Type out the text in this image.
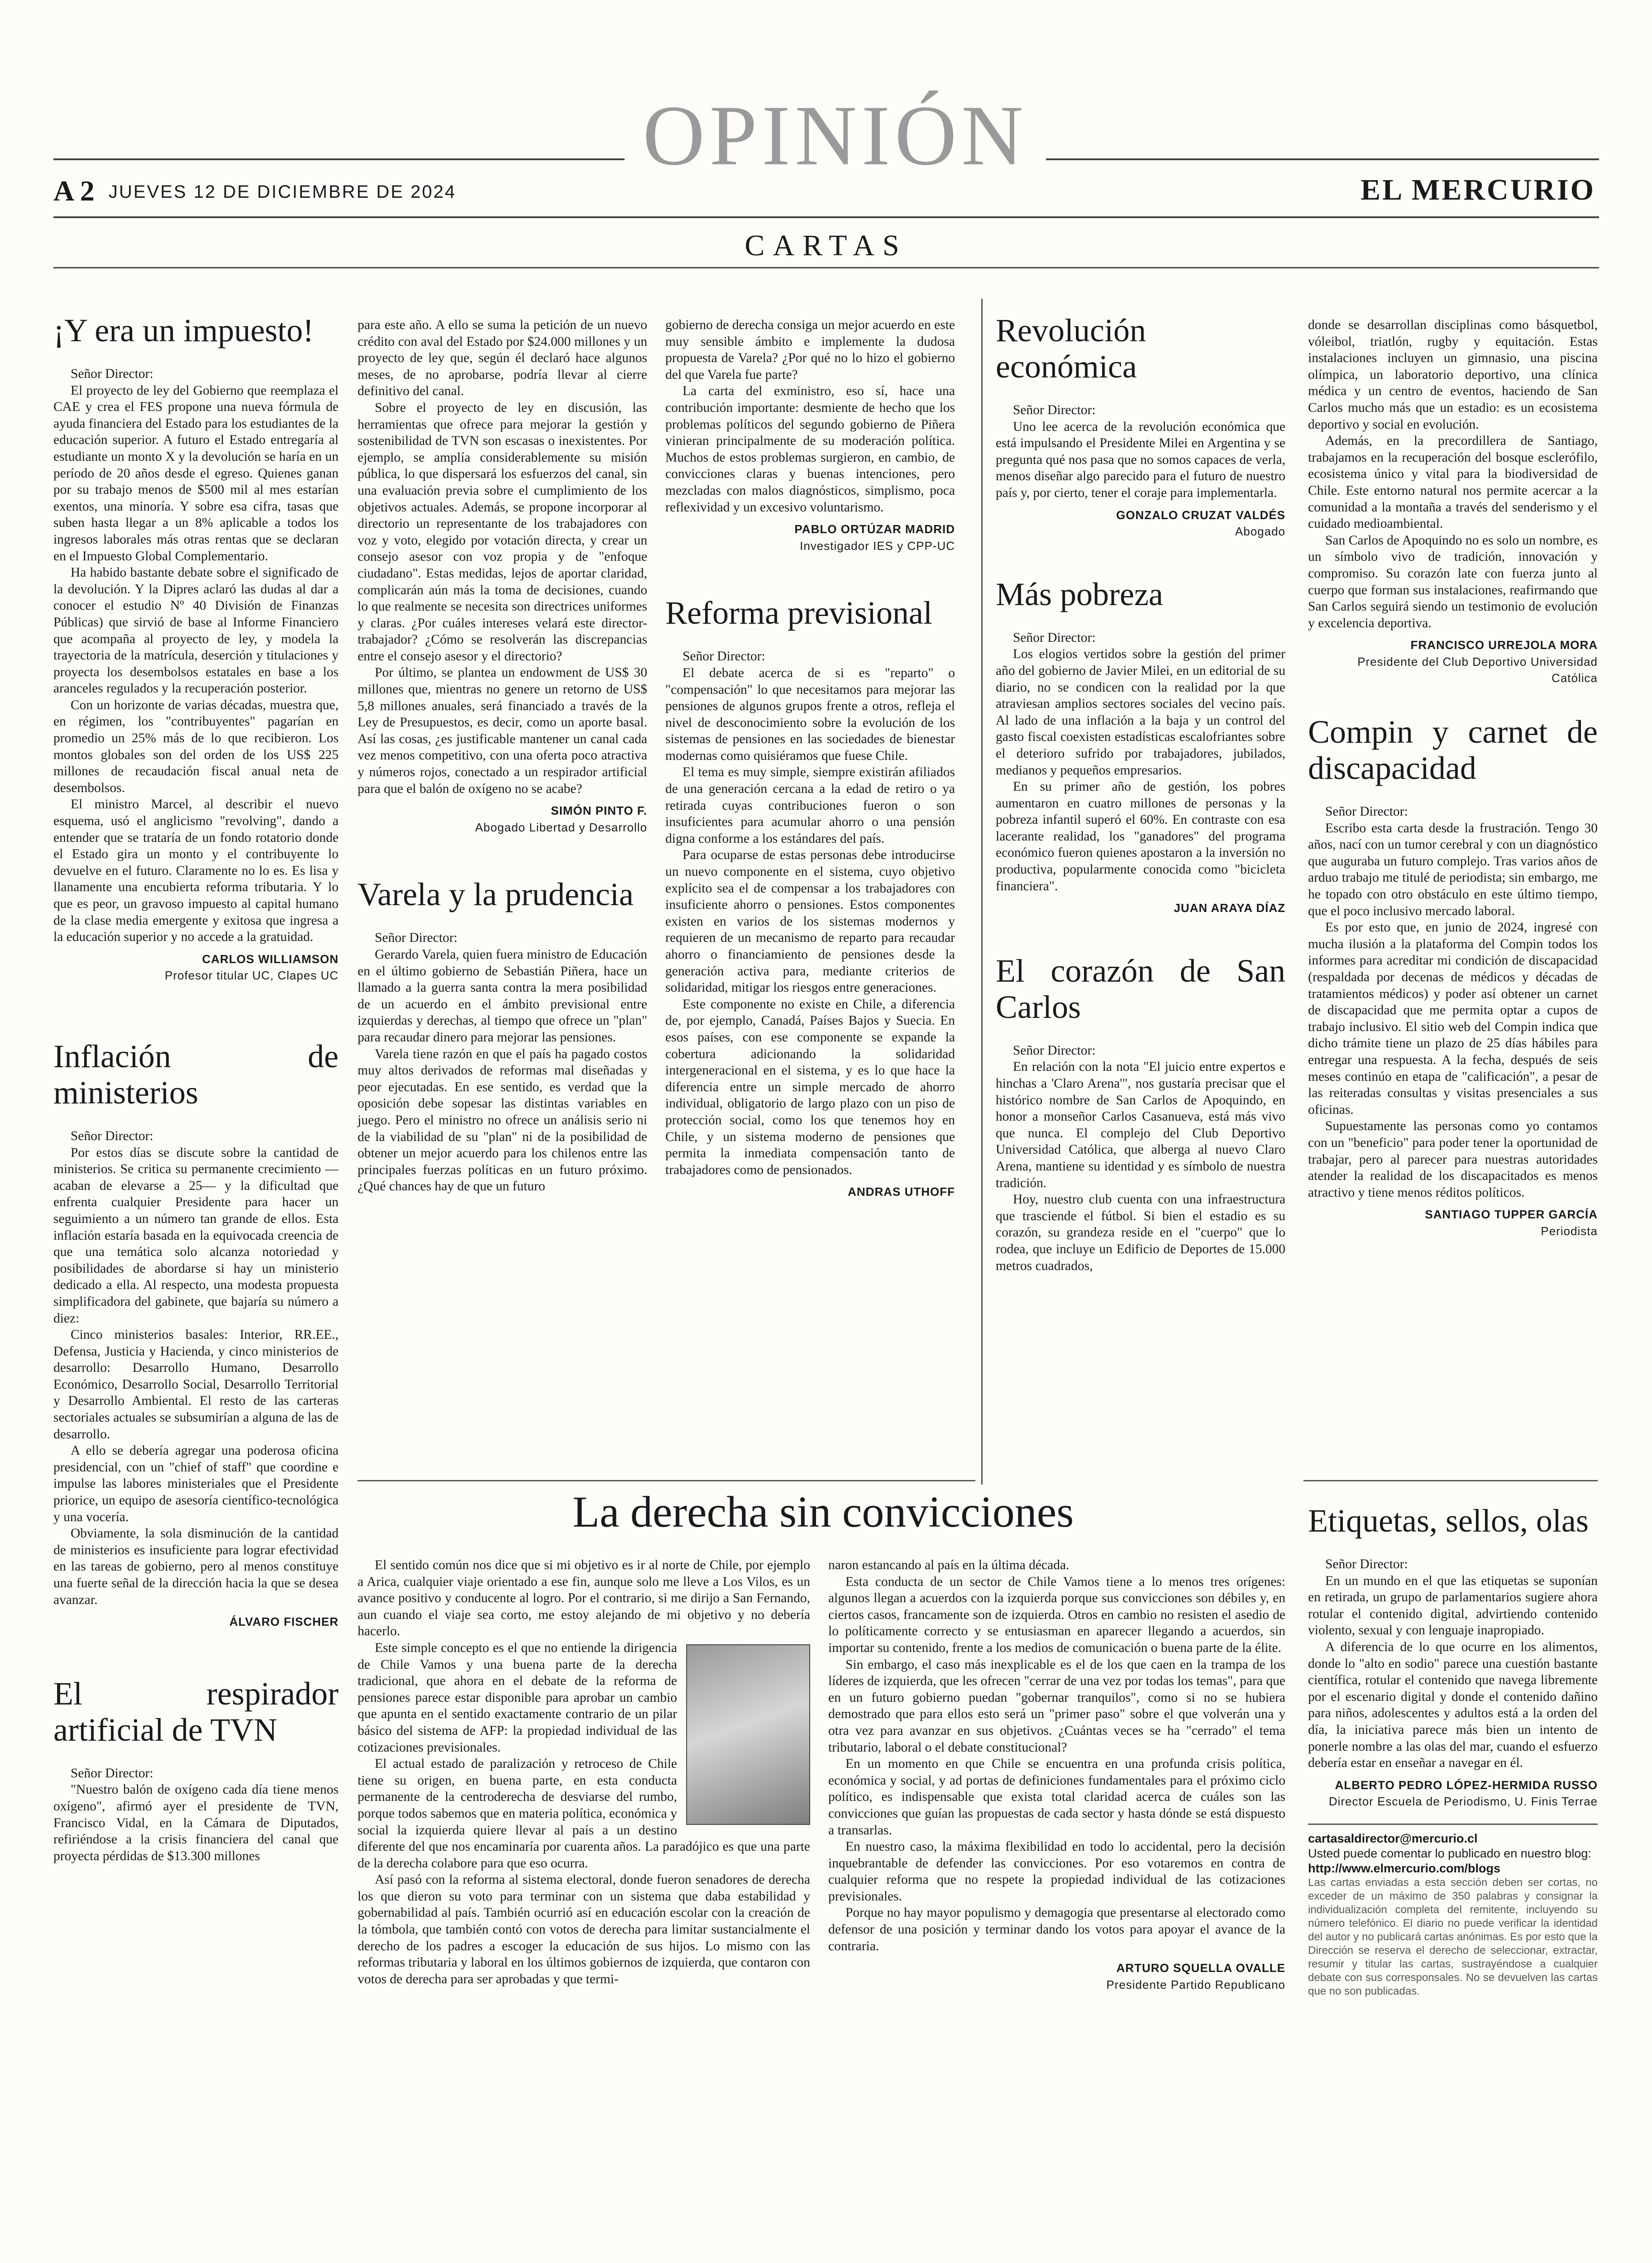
OPINIÓN
A 2 JUEVES 12 DE DICIEMBRE DE 2024	EL MERCURIO
CARTAS
¡Y era un impuesto!

Señor Director:

El proyecto de ley del Gobierno que reemplaza el CAE y crea el FES propone una nueva fórmula de ayuda financiera del Estado para los estudiantes de la educación superior. A futuro el Estado entregaría al estudiante un monto X y la devolución se haría en un período de 20 años desde el egreso. Quienes ganan por su trabajo menos de $500 mil al mes estarían exentos, una minoría. Y sobre esa cifra, tasas que suben hasta llegar a un 8% aplicable a todos los ingresos laborales más otras rentas que se declaran en el Impuesto Global Complementario.

Ha habido bastante debate sobre el significado de la devolución. Y la Dipres aclaró las dudas al dar a conocer el estudio Nº 40 División de Finanzas Públicas) que sirvió de base al Informe Financiero que acompaña al proyecto de ley, y modela la trayectoria de la matrícula, deserción y titulaciones y proyecta los desembolsos estatales en base a los aranceles regulados y la recuperación posterior.

Con un horizonte de varias décadas, muestra que, en régimen, los "contribuyentes" pagarían en promedio un 25% más de lo que recibieron. Los montos globales son del orden de los US$ 225 millones de recaudación fiscal anual neta de desembolsos.

El ministro Marcel, al describir el nuevo esquema, usó el anglicismo "revolving", dando a entender que se trataría de un fondo rotatorio donde el Estado gira un monto y el contribuyente lo devuelve en el futuro. Claramente no lo es. Es lisa y llanamente una encubierta reforma tributaria. Y lo que es peor, un gravoso impuesto al capital humano de la clase media emergente y exitosa que ingresa a la educación superior y no accede a la gratuidad.

CARLOS WILLIAMSON
Profesor titular UC, Clapes UC
Inflación de ministerios

Señor Director:

Por estos días se discute sobre la cantidad de ministerios. Se critica su permanente crecimiento —acaban de elevarse a 25— y la dificultad que enfrenta cualquier Presidente para hacer un seguimiento a un número tan grande de ellos. Esta inflación estaría basada en la equivocada creencia de que una temática solo alcanza notoriedad y posibilidades de abordarse si hay un ministerio dedicado a ella. Al respecto, una modesta propuesta simplificadora del gabinete, que bajaría su número a diez:

Cinco ministerios basales: Interior, RR.EE., Defensa, Justicia y Hacienda, y cinco ministerios de desarrollo: Desarrollo Humano, Desarrollo Económico, Desarrollo Social, Desarrollo Territorial y Desarrollo Ambiental. El resto de las carteras sectoriales actuales se subsumirían a alguna de las de desarrollo.

A ello se debería agregar una poderosa oficina presidencial, con un "chief of staff" que coordine e impulse las labores ministeriales que el Presidente priorice, un equipo de asesoría científico-tecnológica y una vocería.

Obviamente, la sola disminución de la cantidad de ministerios es insuficiente para lograr efectividad en las tareas de gobierno, pero al menos constituye una fuerte señal de la dirección hacia la que se desea avanzar.

ÁLVARO FISCHER
El respirador artificial de TVN

Señor Director:

"Nuestro balón de oxígeno cada día tiene menos oxígeno", afirmó ayer el presidente de TVN, Francisco Vidal, en la Cámara de Diputados, refiriéndose a la crisis financiera del canal que proyecta pérdidas de $13.300 millones

para este año. A ello se suma la petición de un nuevo crédito con aval del Estado por $24.000 millones y un proyecto de ley que, según él declaró hace algunos meses, de no aprobarse, podría llevar al cierre definitivo del canal.

Sobre el proyecto de ley en discusión, las herramientas que ofrece para mejorar la gestión y sostenibilidad de TVN son escasas o inexistentes. Por ejemplo, se amplía considerablemente su misión pública, lo que dispersará los esfuerzos del canal, sin una evaluación previa sobre el cumplimiento de los objetivos actuales. Además, se propone incorporar al directorio un representante de los trabajadores con voz y voto, elegido por votación directa, y crear un consejo asesor con voz propia y de "enfoque ciudadano". Estas medidas, lejos de aportar claridad, complicarán aún más la toma de decisiones, cuando lo que realmente se necesita son directrices uniformes y claras. ¿Por cuáles intereses velará este director-trabajador? ¿Cómo se resolverán las discrepancias entre el consejo asesor y el directorio?

Por último, se plantea un endowment de US$ 30 millones que, mientras no genere un retorno de US$ 5,8 millones anuales, será financiado a través de la Ley de Presupuestos, es decir, como un aporte basal. Así las cosas, ¿es justificable mantener un canal cada vez menos competitivo, con una oferta poco atractiva y números rojos, conectado a un respirador artificial para que el balón de oxígeno no se acabe?

SIMÓN PINTO F.
Abogado Libertad y Desarrollo
Varela y la prudencia

Señor Director:

Gerardo Varela, quien fuera ministro de Educación en el último gobierno de Sebastián Piñera, hace un llamado a la guerra santa contra la mera posibilidad de un acuerdo en el ámbito previsional entre izquierdas y derechas, al tiempo que ofrece un "plan" para recaudar dinero para mejorar las pensiones.

Varela tiene razón en que el país ha pagado costos muy altos derivados de reformas mal diseñadas y peor ejecutadas. En ese sentido, es verdad que la oposición debe sopesar las distintas variables en juego. Pero el ministro no ofrece un análisis serio ni de la viabilidad de su "plan" ni de la posibilidad de obtener un mejor acuerdo para los chilenos entre las principales fuerzas políticas en un futuro próximo. ¿Qué chances hay de que un futuro

gobierno de derecha consiga un mejor acuerdo en este muy sensible ámbito e implemente la dudosa propuesta de Varela? ¿Por qué no lo hizo el gobierno del que Varela fue parte?

La carta del exministro, eso sí, hace una contribución importante: desmiente de hecho que los problemas políticos del segundo gobierno de Piñera vinieran principalmente de su moderación política. Muchos de estos problemas surgieron, en cambio, de convicciones claras y buenas intenciones, pero mezcladas con malos diagnósticos, simplismo, poca reflexividad y un excesivo voluntarismo.

PABLO ORTÚZAR MADRID
Investigador IES y CPP-UC
Reforma previsional

Señor Director:

El debate acerca de si es "reparto" o "compensación" lo que necesitamos para mejorar las pensiones de algunos grupos frente a otros, refleja el nivel de desconocimiento sobre la evolución de los sistemas de pensiones en las sociedades de bienestar modernas como quisiéramos que fuese Chile.

El tema es muy simple, siempre existirán afiliados de una generación cercana a la edad de retiro o ya retirada cuyas contribuciones fueron o son insuficientes para acumular ahorro o una pensión digna conforme a los estándares del país.

Para ocuparse de estas personas debe introducirse un nuevo componente en el sistema, cuyo objetivo explícito sea el de compensar a los trabajadores con insuficiente ahorro o pensiones. Estos componentes existen en varios de los sistemas modernos y requieren de un mecanismo de reparto para recaudar ahorro o financiamiento de pensiones desde la generación activa para, mediante criterios de solidaridad, mitigar los riesgos entre generaciones.

Este componente no existe en Chile, a diferencia de, por ejemplo, Canadá, Países Bajos y Suecia. En esos países, con ese componente se expande la cobertura adicionando la solidaridad intergeneracional en el sistema, y es lo que hace la diferencia entre un simple mercado de ahorro individual, obligatorio de largo plazo con un piso de protección social, como los que tenemos hoy en Chile, y un sistema moderno de pensiones que permita la inmediata compensación tanto de trabajadores como de pensionados.

ANDRAS UTHOFF
Revolución económica

Señor Director:

Uno lee acerca de la revolución económica que está impulsando el Presidente Milei en Argentina y se pregunta qué nos pasa que no somos capaces de verla, menos diseñar algo parecido para el futuro de nuestro país y, por cierto, tener el coraje para implementarla.

GONZALO CRUZAT VALDÉS
Abogado
Más pobreza

Señor Director:

Los elogios vertidos sobre la gestión del primer año del gobierno de Javier Milei, en un editorial de su diario, no se condicen con la realidad por la que atraviesan amplios sectores sociales del vecino país. Al lado de una inflación a la baja y un control del gasto fiscal coexisten estadísticas escalofriantes sobre el deterioro sufrido por trabajadores, jubilados, medianos y pequeños empresarios.

En su primer año de gestión, los pobres aumentaron en cuatro millones de personas y la pobreza infantil superó el 60%. En contraste con esa lacerante realidad, los "ganadores" del programa económico fueron quienes apostaron a la inversión no productiva, popularmente conocida como "bicicleta financiera".

JUAN ARAYA DÍAZ
El corazón de San Carlos

Señor Director:

En relación con la nota "El juicio entre expertos e hinchas a 'Claro Arena'", nos gustaría precisar que el histórico nombre de San Carlos de Apoquindo, en honor a monseñor Carlos Casanueva, está más vivo que nunca. El complejo del Club Deportivo Universidad Católica, que alberga al nuevo Claro Arena, mantiene su identidad y es símbolo de nuestra tradición.

Hoy, nuestro club cuenta con una infraestructura que trasciende el fútbol. Si bien el estadio es su corazón, su grandeza reside en el "cuerpo" que lo rodea, que incluye un Edificio de Deportes de 15.000 metros cuadrados,

donde se desarrollan disciplinas como básquetbol, vóleibol, triatlón, rugby y equitación. Estas instalaciones incluyen un gimnasio, una piscina olímpica, un laboratorio deportivo, una clínica médica y un centro de eventos, haciendo de San Carlos mucho más que un estadio: es un ecosistema deportivo y social en evolución.

Además, en la precordillera de Santiago, trabajamos en la recuperación del bosque esclerófilo, ecosistema único y vital para la biodiversidad de Chile. Este entorno natural nos permite acercar a la comunidad a la montaña a través del senderismo y el cuidado medioambiental.

San Carlos de Apoquindo no es solo un nombre, es un símbolo vivo de tradición, innovación y compromiso. Su corazón late con fuerza junto al cuerpo que forman sus instalaciones, reafirmando que San Carlos seguirá siendo un testimonio de evolución y excelencia deportiva.

FRANCISCO URREJOLA MORA
Presidente del Club Deportivo Universidad Católica
Compin y carnet de discapacidad

Señor Director:

Escribo esta carta desde la frustración. Tengo 30 años, nací con un tumor cerebral y con un diagnóstico que auguraba un futuro complejo. Tras varios años de arduo trabajo me titulé de periodista; sin embargo, me he topado con otro obstáculo en este último tiempo, que el poco inclusivo mercado laboral.

Es por esto que, en junio de 2024, ingresé con mucha ilusión a la plataforma del Compin todos los informes para acreditar mi condición de discapacidad (respaldada por decenas de médicos y décadas de tratamientos médicos) y poder así obtener un carnet de discapacidad que me permita optar a cupos de trabajo inclusivo. El sitio web del Compin indica que dicho trámite tiene un plazo de 25 días hábiles para entregar una respuesta. A la fecha, después de seis meses continúo en etapa de "calificación", a pesar de las reiteradas consultas y visitas presenciales a sus oficinas.

Supuestamente las personas como yo contamos con un "beneficio" para poder tener la oportunidad de trabajar, pero al parecer para nuestras autoridades atender la realidad de los discapacitados es menos atractivo y tiene menos réditos políticos.

SANTIAGO TUPPER GARCÍA
Periodista
La derecha sin convicciones

El sentido común nos dice que si mi objetivo es ir al norte de Chile, por ejemplo a Arica, cualquier viaje orientado a ese fin, aunque solo me lleve a Los Vilos, es un avance positivo y conducente al logro. Por el contrario, si me dirijo a San Fernando, aun cuando el viaje sea corto, me estoy alejando de mi objetivo y no debería hacerlo.

Este simple concepto es el que no entiende la dirigencia de Chile Vamos y una buena parte de la derecha tradicional, que ahora en el debate de la reforma de pensiones parece estar disponible para aprobar un cambio que apunta en el sentido exactamente contrario de un pilar básico del sistema de AFP: la propiedad individual de las cotizaciones previsionales.

El actual estado de paralización y retroceso de Chile tiene su origen, en buena parte, en esta conducta permanente de la centroderecha de desviarse del rumbo, porque todos sabemos que en materia política, económica y social la izquierda quiere llevar al país a un destino diferente del que nos encaminaría por cuarenta años. La paradójico es que una parte de la derecha colabore para que eso ocurra.

Así pasó con la reforma al sistema electoral, donde fueron senadores de derecha los que dieron su voto para terminar con un sistema que daba estabilidad y gobernabilidad al país. También ocurrió así en educación escolar con la creación de la tómbola, que también contó con votos de derecha para limitar sustancialmente el derecho de los padres a escoger la educación de sus hijos. Lo mismo con las reformas tributaria y laboral en los últimos gobiernos de izquierda, que contaron con votos de derecha para ser aprobadas y que termi-

naron estancando al país en la última década.

Esta conducta de un sector de Chile Vamos tiene a lo menos tres orígenes: algunos llegan a acuerdos con la izquierda porque sus convicciones son débiles y, en ciertos casos, francamente son de izquierda. Otros en cambio no resisten el asedio de lo políticamente correcto y se entusiasman en aparecer llegando a acuerdos, sin importar su contenido, frente a los medios de comunicación o buena parte de la élite.

Sin embargo, el caso más inexplicable es el de los que caen en la trampa de los líderes de izquierda, que les ofrecen "cerrar de una vez por todas los temas", para que en un futuro gobierno puedan "gobernar tranquilos", como si no se hubiera demostrado que para ellos esto será un "primer paso" sobre el que volverán una y otra vez para avanzar en sus objetivos. ¿Cuántas veces se ha "cerrado" el tema tributario, laboral o el debate constitucional?

En un momento en que Chile se encuentra en una profunda crisis política, económica y social, y ad portas de definiciones fundamentales para el próximo ciclo político, es indispensable que exista total claridad acerca de cuáles son las convicciones que guían las propuestas de cada sector y hasta dónde se está dispuesto a transarlas.

En nuestro caso, la máxima flexibilidad en todo lo accidental, pero la decisión inquebrantable de defender las convicciones. Por eso votaremos en contra de cualquier reforma que no respete la propiedad individual de las cotizaciones previsionales.

Porque no hay mayor populismo y demagogia que presentarse al electorado como defensor de una posición y terminar dando los votos para apoyar el avance de la contraria.

ARTURO SQUELLA OVALLE
Presidente Partido Republicano
Etiquetas, sellos, olas

Señor Director:

En un mundo en el que las etiquetas se suponían en retirada, un grupo de parlamentarios sugiere ahora rotular el contenido digital, advirtiendo contenido violento, sexual y con lenguaje inapropiado.

A diferencia de lo que ocurre en los alimentos, donde lo "alto en sodio" parece una cuestión bastante científica, rotular el contenido que navega libremente por el escenario digital y donde el contenido dañino para niños, adolescentes y adultos está a la orden del día, la iniciativa parece más bien un intento de ponerle nombre a las olas del mar, cuando el esfuerzo debería estar en enseñar a navegar en él.

ALBERTO PEDRO LÓPEZ-HERMIDA RUSSO
Director Escuela de Periodismo, U. Finis Terrae
cartasaldirector@mercurio.cl
Usted puede comentar lo publicado en nuestro blog:
http://www.elmercurio.com/blogs
Las cartas enviadas a esta sección deben ser cortas, no exceder de un máximo de 350 palabras y consignar la individualización completa del remitente, incluyendo su número telefónico. El diario no puede verificar la identidad del autor y no publicará cartas anónimas. Es por esto que la Dirección se reserva el derecho de seleccionar, extractar, resumir y titular las cartas, sustrayéndose a cualquier debate con sus corresponsales. No se devuelven las cartas que no son publicadas.
